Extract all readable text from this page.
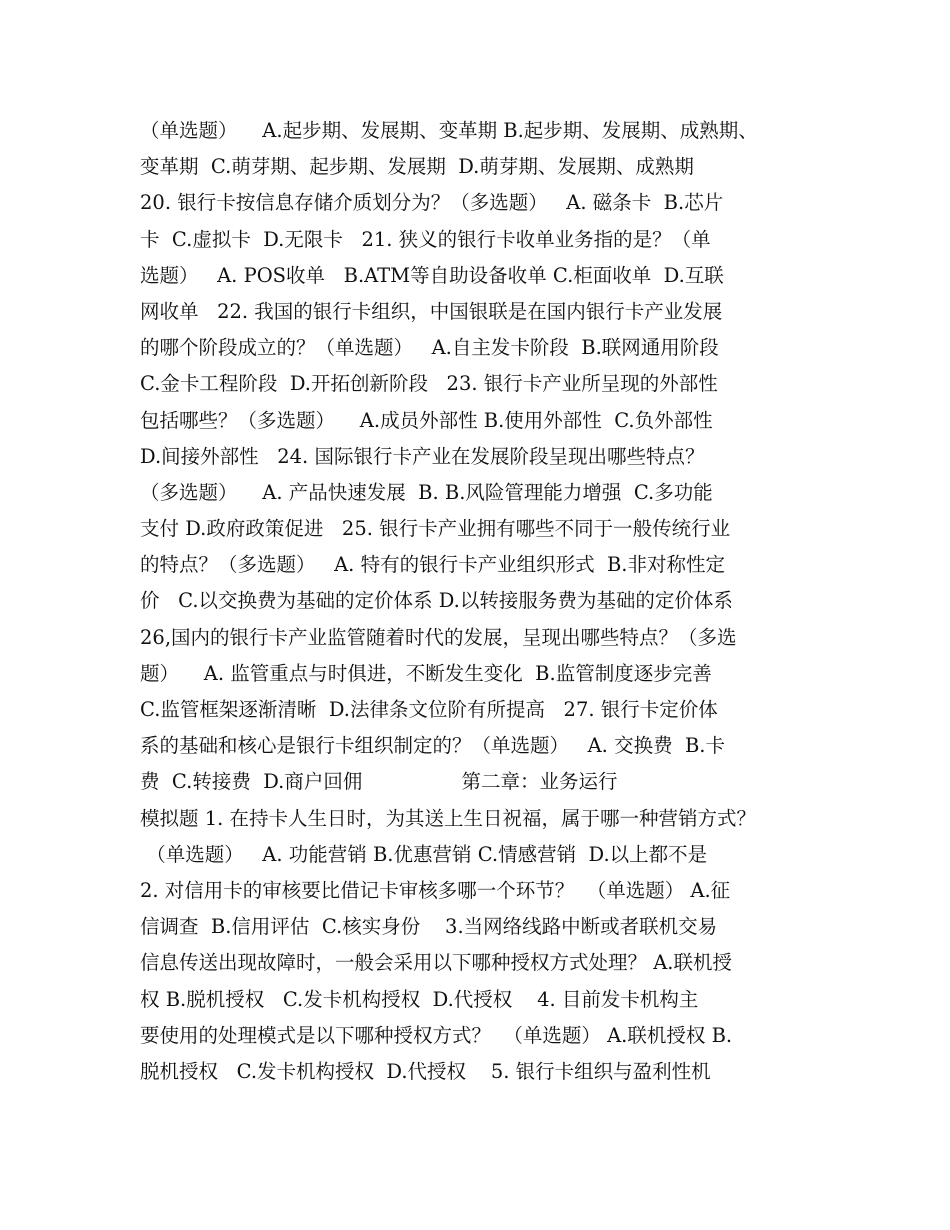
（单选题）    A.起步期、发展期、变革期 B.起步期、发展期、成熟期、
变革期  C.萌芽期、起步期、发展期  D.萌芽期、发展期、成熟期
20. 银行卡按信息存储介质划分为？（多选题）   A. 磁条卡  B.芯片
卡  C.虚拟卡  D.无限卡   21. 狭义的银行卡收单业务指的是？（单
选题）   A. POS收单   B.ATM等自助设备收单 C.柜面收单  D.互联
网收单   22. 我国的银行卡组织，中国银联是在国内银行卡产业发展
的哪个阶段成立的？（单选题）   A.自主发卡阶段  B.联网通用阶段
C.金卡工程阶段  D.开拓创新阶段   23. 银行卡产业所呈现的外部性
包括哪些？（多选题）    A.成员外部性 B.使用外部性  C.负外部性
D.间接外部性   24. 国际银行卡产业在发展阶段呈现出哪些特点？
（多选题）    A. 产品快速发展  B. B.风险管理能力增强  C.多功能
支付 D.政府政策促进   25. 银行卡产业拥有哪些不同于一般传统行业
的特点？（多选题）   A. 特有的银行卡产业组织形式  B.非对称性定
价   C.以交换费为基础的定价体系 D.以转接服务费为基础的定价体系
26,国内的银行卡产业监管随着时代的发展，呈现出哪些特点？（多选
题）    A. 监管重点与时俱进，不断发生变化  B.监管制度逐步完善
C.监管框架逐渐清晰  D.法律条文位阶有所提高   27. 银行卡定价体
系的基础和核心是银行卡组织制定的？（单选题）   A. 交换费  B.卡
费  C.转接费  D.商户回佣                第二章：业务运行
模拟题 1. 在持卡人生日时，为其送上生日祝福，属于哪一种营销方式？
（单选题）   A. 功能营销 B.优惠营销 C.情感营销  D.以上都不是
2. 对信用卡的审核要比借记卡审核多哪一个环节？  （单选题） A.征
信调查  B.信用评估  C.核实身份    3.当网络线路中断或者联机交易
信息传送出现故障时，一般会采用以下哪种授权方式处理？ A.联机授
权 B.脱机授权   C.发卡机构授权  D.代授权    4. 目前发卡机构主
要使用的处理模式是以下哪种授权方式？  （单选题） A.联机授权 B.
脱机授权   C.发卡机构授权  D.代授权    5. 银行卡组织与盈利性机
